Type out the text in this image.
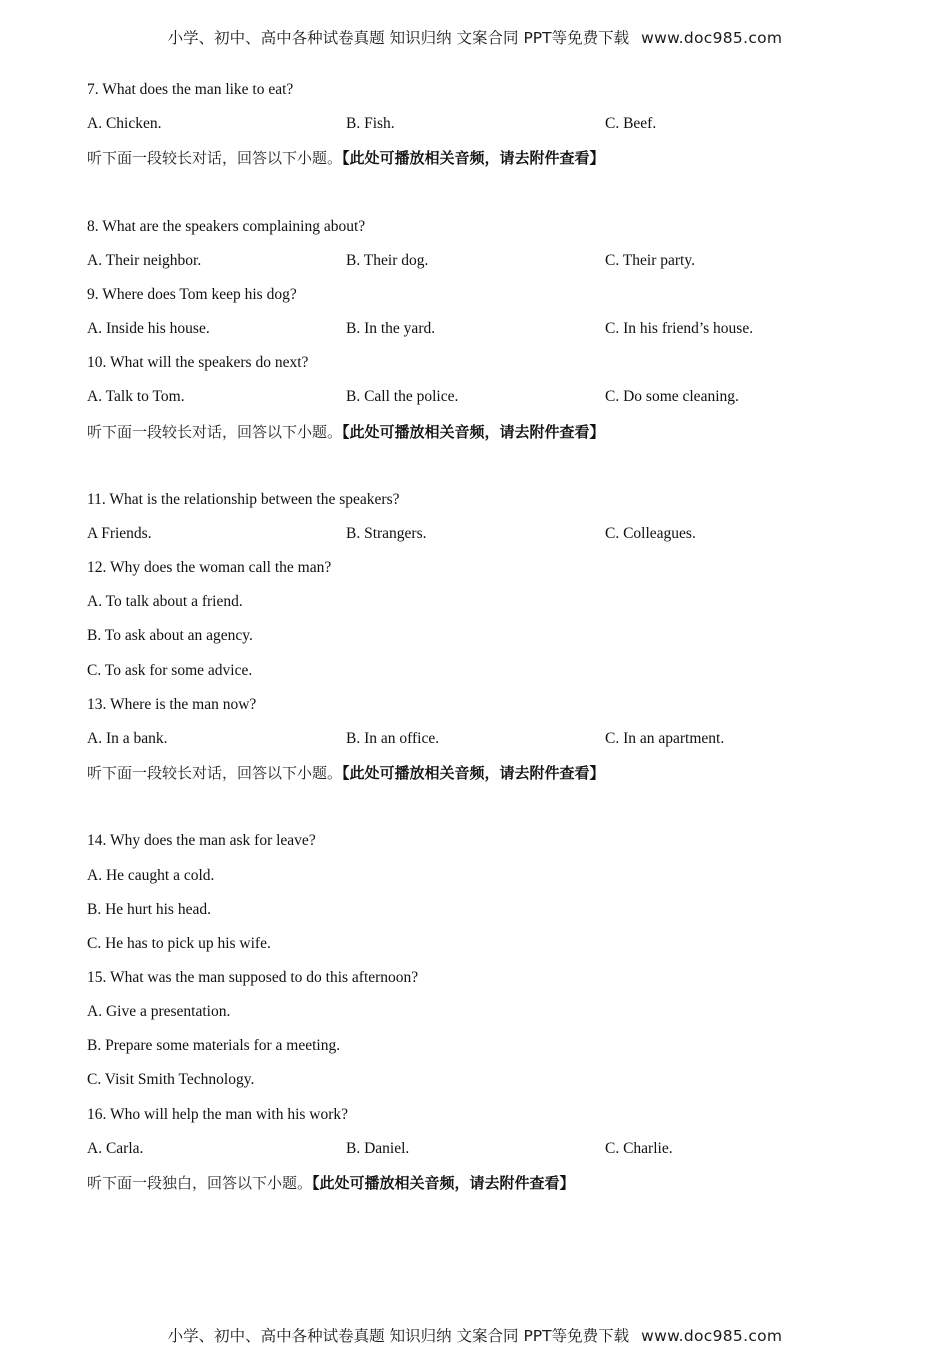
小学、初中、高中各种试卷真题 知识归纳 文案合同 PPT等免费下载 www.doc985.com
7. What does the man like to eat?
A. Chicken.	B. Fish.	C. Beef.
听下面一段较长对话，回答以下小题。【此处可播放相关音频，请去附件查看】
8. What are the speakers complaining about?
A. Their neighbor.	B. Their dog.	C. Their party.
9. Where does Tom keep his dog?
A. Inside his house.	B. In the yard.	C. In his friend’s house.
10. What will the speakers do next?
A. Talk to Tom.	B. Call the police.	C. Do some cleaning.
听下面一段较长对话，回答以下小题。【此处可播放相关音频，请去附件查看】
11. What is the relationship between the speakers?
A Friends.	B. Strangers.	C. Colleagues.
12. Why does the woman call the man?
A. To talk about a friend.
B. To ask about an agency.
C. To ask for some advice.
13. Where is the man now?
A. In a bank.	B. In an office.	C. In an apartment.
听下面一段较长对话，回答以下小题。【此处可播放相关音频，请去附件查看】
14. Why does the man ask for leave?
A. He caught a cold.
B. He hurt his head.
C. He has to pick up his wife.
15. What was the man supposed to do this afternoon?
A. Give a presentation.
B. Prepare some materials for a meeting.
C. Visit Smith Technology.
16. Who will help the man with his work?
A. Carla.	B. Daniel.	C. Charlie.
听下面一段独白，回答以下小题。【此处可播放相关音频，请去附件查看】
小学、初中、高中各种试卷真题 知识归纳 文案合同 PPT等免费下载 www.doc985.com
